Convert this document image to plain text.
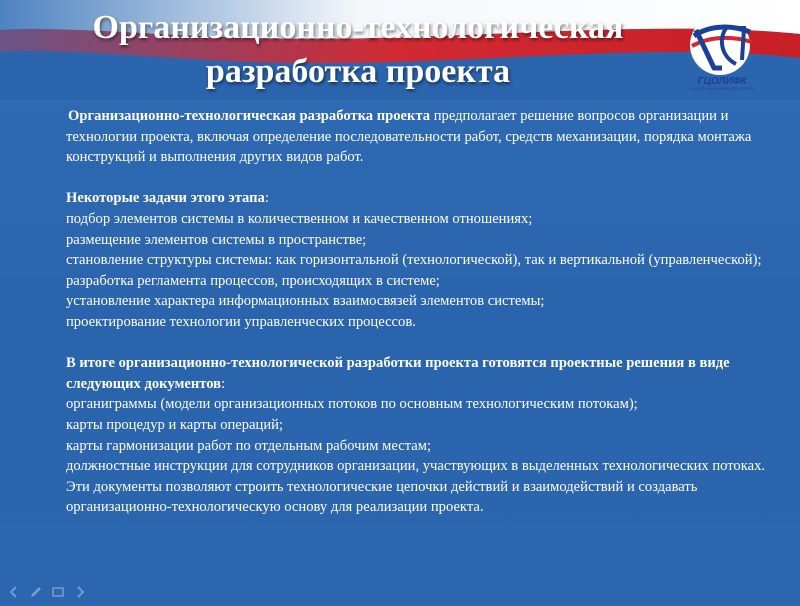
Организационно-технологическая
разработка проекта	ГЦОЛИФК
РОССИЙСКИЙ УНИВЕРСИТЕТ СПОРТА

Организационно-технологическая разработка проекта предполагает решение вопросов организации и технологии проекта, включая определение последовательности работ, средств механизации, порядка монтажа конструкций и выполнения других видов работ.

Некоторые задачи этого этапа:

подбор элементов системы в количественном и качественном отношениях;

размещение элементов системы в пространстве;

становление структуры системы: как горизонтальной (технологической), так и вертикальной (управленческой);

разработка регламента процессов, происходящих в системе;

установление характера информационных взаимосвязей элементов системы;

проектирование технологии управленческих процессов.

В итоге организационно-технологической разработки проекта готовятся проектные решения в виде следующих документов:

органиграммы (модели организационных потоков по основным технологическим потокам);

карты процедур и карты операций;

карты гармонизации работ по отдельным рабочим местам;

должностные инструкции для сотрудников организации, участвующих в выделенных технологических потоках.

Эти документы позволяют строить технологические цепочки действий и взаимодействий и создавать организационно-технологическую основу для реализации проекта.
